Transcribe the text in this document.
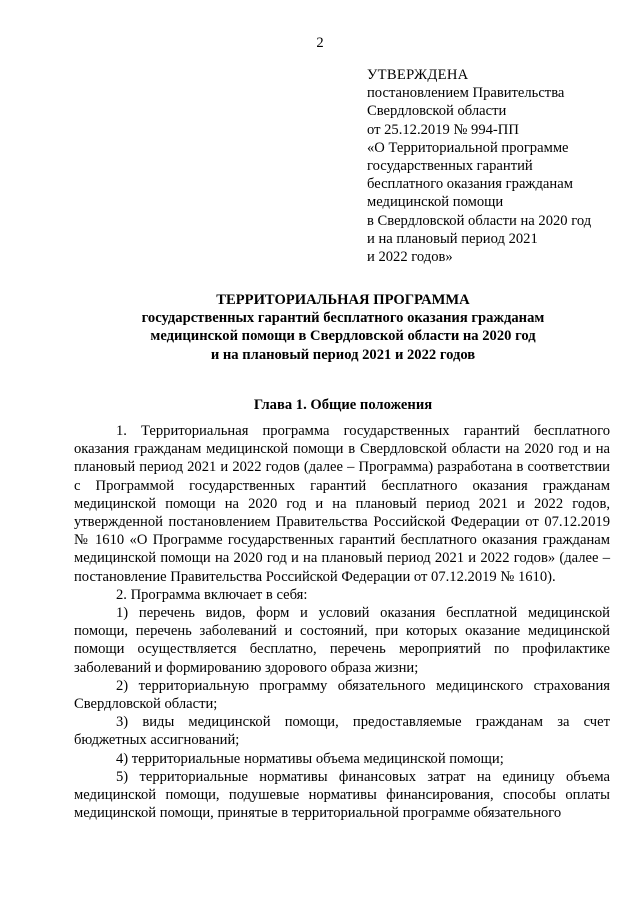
2
УТВЕРЖДЕНА
постановлением Правительства
Свердловской области
от 25.12.2019 № 994-ПП
«О Территориальной программе
государственных гарантий
бесплатного оказания гражданам
медицинской помощи
в Свердловской области на 2020 год
и на плановый период 2021
и 2022 годов»
ТЕРРИТОРИАЛЬНАЯ ПРОГРАММА
государственных гарантий бесплатного оказания гражданам
медицинской помощи в Свердловской области на 2020 год
и на плановый период 2021 и 2022 годов
Глава 1. Общие положения

1. Территориальная программа государственных гарантий бесплатного оказания гражданам медицинской помощи в Свердловской области на 2020 год и на плановый период 2021 и 2022 годов (далее – Программа) разработана в соответствии с Программой государственных гарантий бесплатного оказания гражданам медицинской помощи на 2020 год и на плановый период 2021 и 2022 годов, утвержденной постановлением Правительства Российской Федерации от 07.12.2019 № 1610 «О Программе государственных гарантий бесплатного оказания гражданам медицинской помощи на 2020 год и на плановый период 2021 и 2022 годов» (далее – постановление Правительства Российской Федерации от 07.12.2019 № 1610).

2. Программа включает в себя:

1) перечень видов, форм и условий оказания бесплатной медицинской помощи, перечень заболеваний и состояний, при которых оказание медицинской помощи осуществляется бесплатно, перечень мероприятий по профилактике заболеваний и формированию здорового образа жизни;

2) территориальную программу обязательного медицинского страхования Свердловской области;

3) виды медицинской помощи, предоставляемые гражданам за счет бюджетных ассигнований;

4) территориальные нормативы объема медицинской помощи;

5) территориальные нормативы финансовых затрат на единицу объема медицинской помощи, подушевые нормативы финансирования, способы оплаты медицинской помощи, принятые в территориальной программе обязательного
